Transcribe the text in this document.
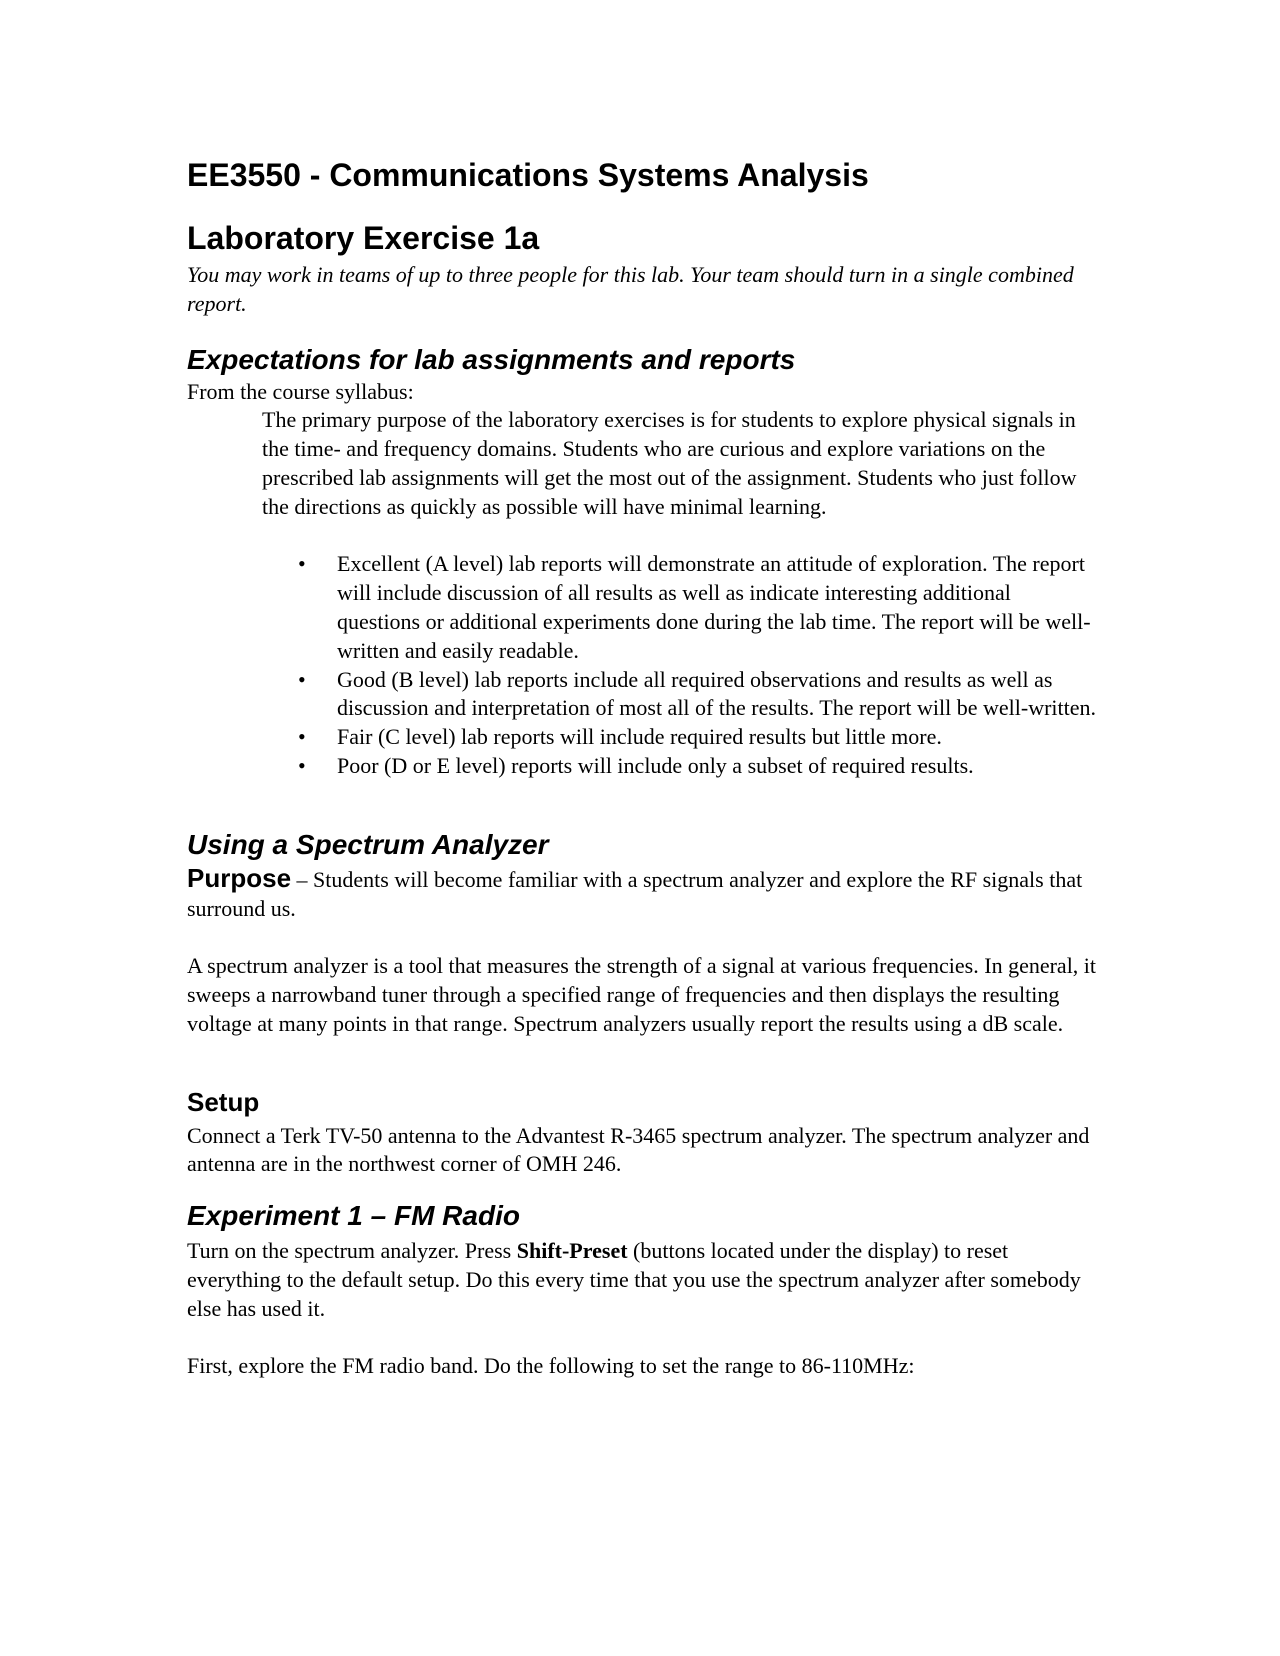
EE3550 - Communications Systems Analysis
Laboratory Exercise 1a

You may work in teams of up to three people for this lab. Your team should turn in a single combined report.

Expectations for lab assignments and reports

From the course syllabus:

The primary purpose of the laboratory exercises is for students to explore physical signals in the time- and frequency domains. Students who are curious and explore variations on the prescribed lab assignments will get the most out of the assignment. Students who just follow the directions as quickly as possible will have minimal learning.

• Excellent (A level) lab reports will demonstrate an attitude of exploration. The report will include discussion of all results as well as indicate interesting additional questions or additional experiments done during the lab time. The report will be well-written and easily readable.
• Good (B level) lab reports include all required observations and results as well as discussion and interpretation of most all of the results. The report will be well-written.
• Fair (C level) lab reports will include required results but little more.
• Poor (D or E level) reports will include only a subset of required results.
Using a Spectrum Analyzer

Purpose – Students will become familiar with a spectrum analyzer and explore the RF signals that surround us.

A spectrum analyzer is a tool that measures the strength of a signal at various frequencies. In general, it sweeps a narrowband tuner through a specified range of frequencies and then displays the resulting voltage at many points in that range. Spectrum analyzers usually report the results using a dB scale.

Setup

Connect a Terk TV-50 antenna to the Advantest R-3465 spectrum analyzer. The spectrum analyzer and antenna are in the northwest corner of OMH 246.

Experiment 1 – FM Radio

Turn on the spectrum analyzer. Press Shift-Preset (buttons located under the display) to reset everything to the default setup. Do this every time that you use the spectrum analyzer after somebody else has used it.

First, explore the FM radio band. Do the following to set the range to 86-110MHz:
